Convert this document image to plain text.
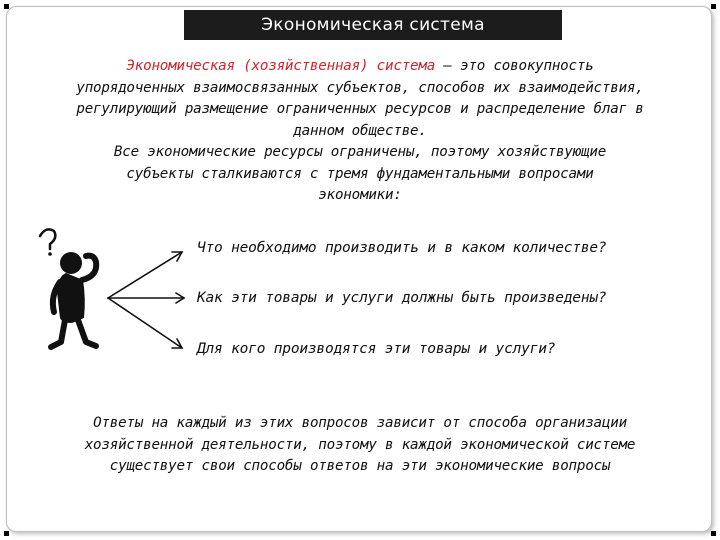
Экономическая система
Экономическая (хозяйственная) система — это совокупность
упорядоченных взаимосвязанных субъектов, способов их взаимодействия,
регулирующий размещение ограниченных ресурсов и распределение благ в
данном обществе.
Все экономические ресурсы ограничены, поэтому хозяйствующие
субъекты сталкиваются с тремя фундаментальными вопросами
экономики:
Что необходимо производить и в каком количестве?
Как эти товары и услуги должны быть произведены?
Для кого производятся эти товары и услуги?
Ответы на каждый из этих вопросов зависит от способа организации
хозяйственной деятельности, поэтому в каждой экономической системе
существует свои способы ответов на эти экономические вопросы
